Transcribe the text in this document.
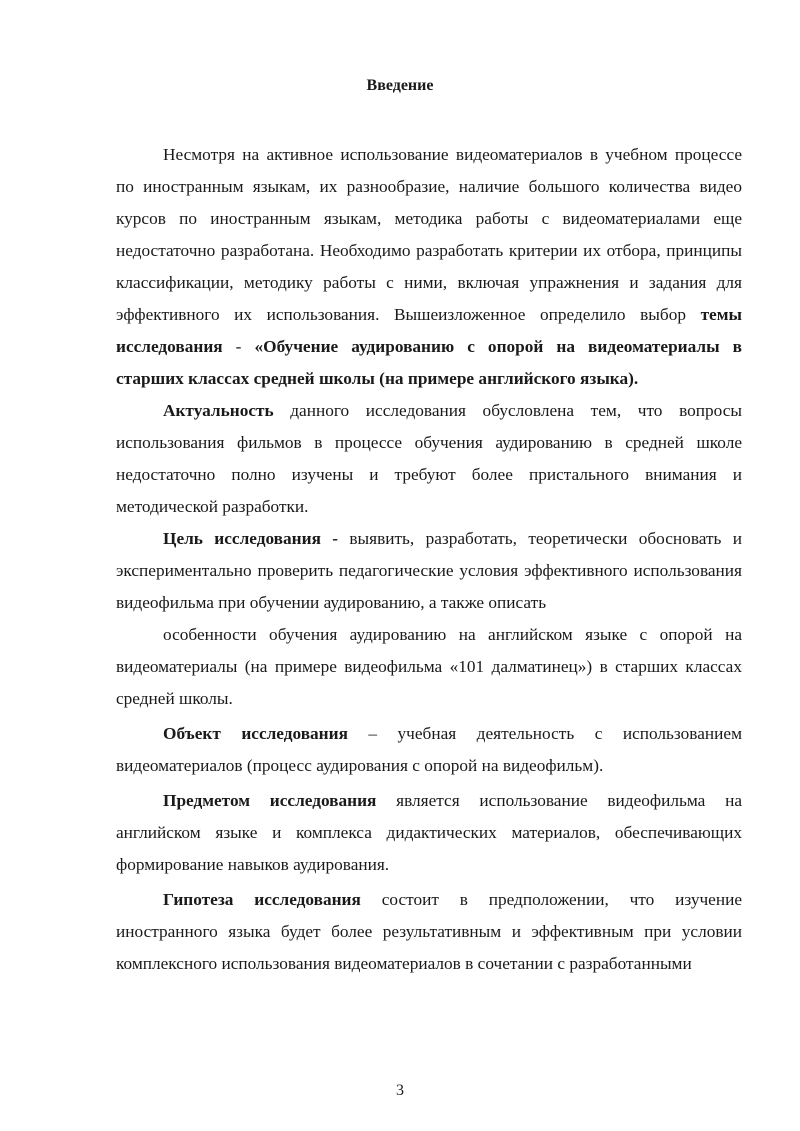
Введение

Несмотря на активное использование видеоматериалов в учебном процессе по иностранным языкам, их разнообразие, наличие большого количества видео курсов по иностранным языкам, методика работы с видеоматериалами еще недостаточно разработана. Необходимо разработать критерии их отбора, принципы классификации, методику работы с ними, включая упражнения и задания для эффективного их использования. Вышеизложенное определило выбор темы исследования - «Обучение аудированию с опорой на видеоматериалы в старших классах средней школы (на примере английского языка).

Актуальность данного исследования обусловлена тем, что вопросы использования фильмов в процессе обучения аудированию в средней школе недостаточно полно изучены и требуют более пристального внимания и методической разработки.

Цель исследования - выявить, разработать, теоретически обосновать и экспериментально проверить педагогические условия эффективного использования видеофильма при обучении аудированию, а также описать

особенности обучения аудированию на английском языке с опорой на видеоматериалы (на примере видеофильма «101 далматинец») в старших классах средней школы.

Объект исследования – учебная деятельность с использованием видеоматериалов (процесс аудирования с опорой на видеофильм).

Предметом исследования является использование видеофильма на английском языке и комплекса дидактических материалов, обеспечивающих формирование навыков аудирования.

Гипотеза исследования состоит в предположении, что изучение иностранного языка будет более результативным и эффективным при условии комплексного использования видеоматериалов в сочетании с разработанными

3
